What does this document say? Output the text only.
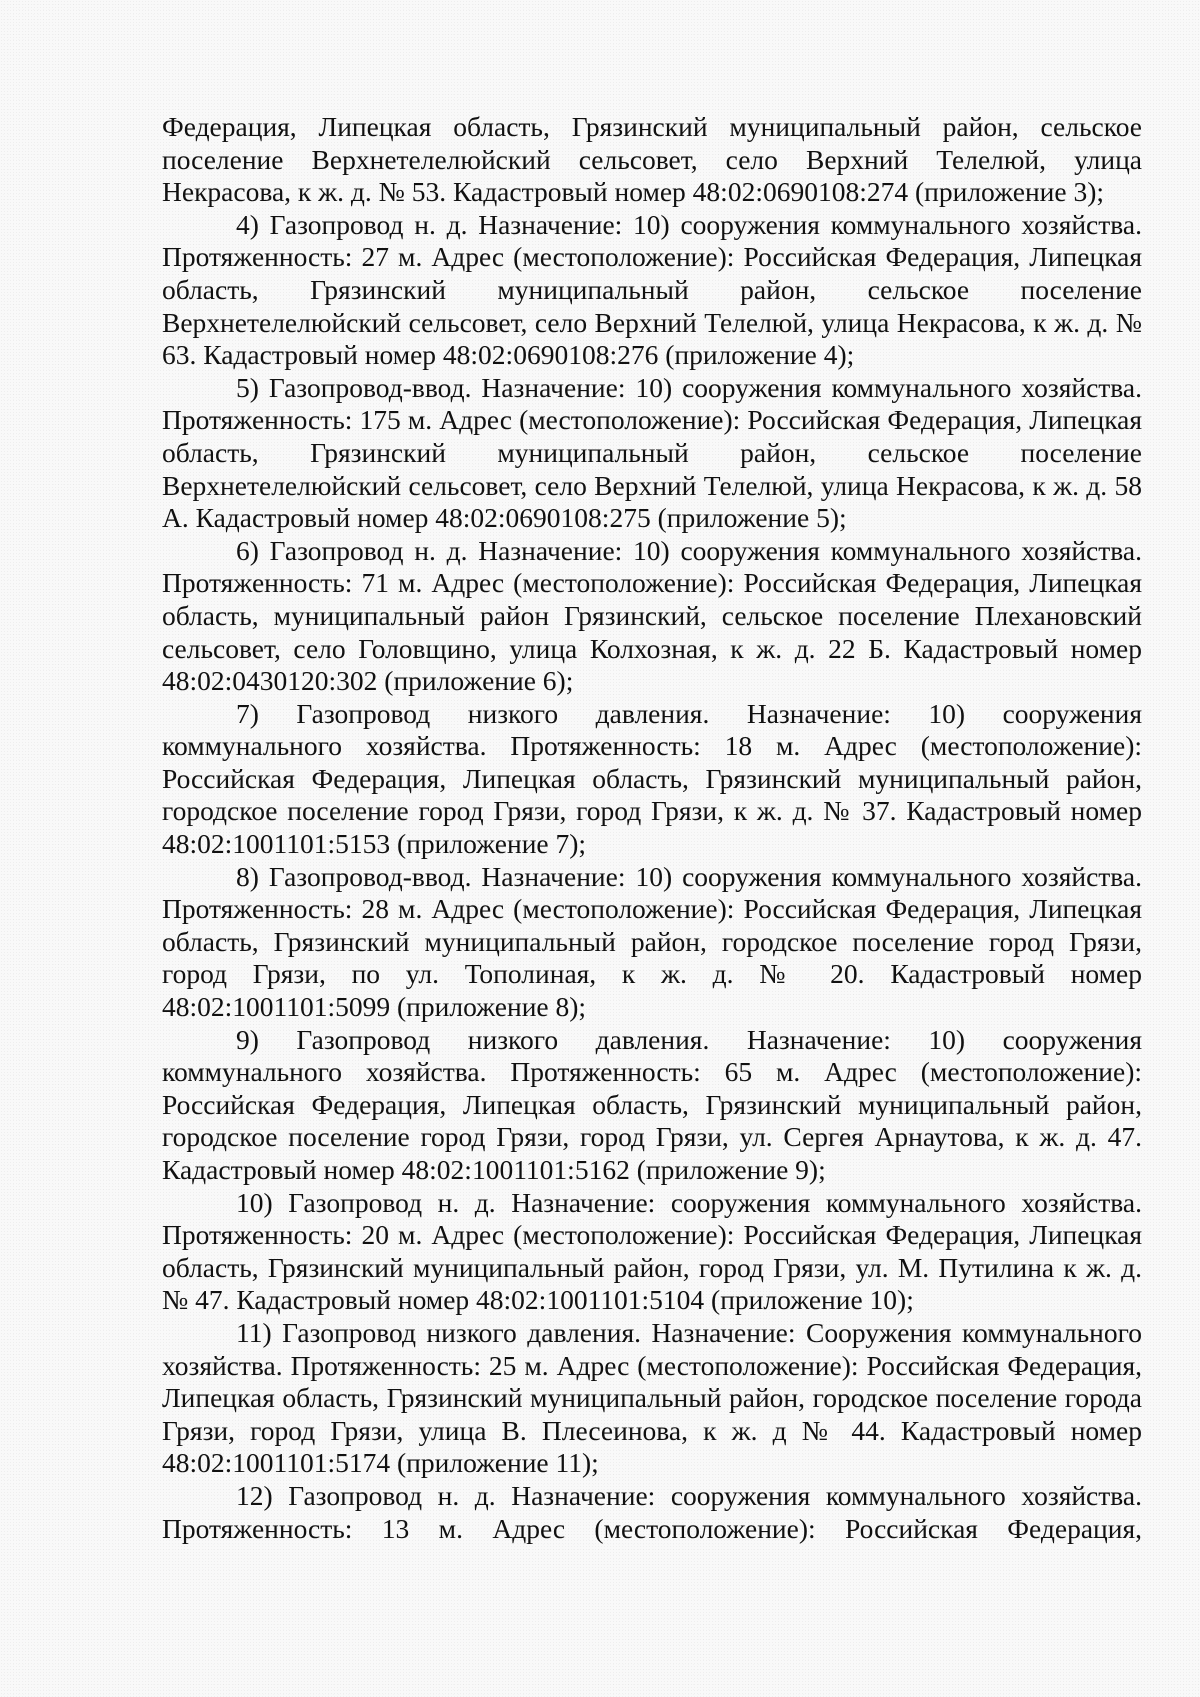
Федерация, Липецкая область, Грязинский муниципальный район, сельское поселение Верхнетелелюйский сельсовет, село Верхний Телелюй, улица Некрасова, к ж. д. № 53. Кадастровый номер 48:02:0690108:274 (приложение 3);

4) Газопровод н. д. Назначение: 10) сооружения коммунального хозяйства. Протяженность: 27 м. Адрес (местоположение): Российская Федерация, Липецкая область, Грязинский муниципальный район, сельское поселение Верхнетелелюйский сельсовет, село Верхний Телелюй, улица Некрасова, к ж. д. № 63. Кадастровый номер 48:02:0690108:276 (приложение 4);

5) Газопровод-ввод. Назначение: 10) сооружения коммунального хозяйства. Протяженность: 175 м. Адрес (местоположение): Российская Федерация, Липецкая область, Грязинский муниципальный район, сельское поселение Верхнетелелюйский сельсовет, село Верхний Телелюй, улица Некрасова, к ж. д. 58 А. Кадастровый номер 48:02:0690108:275 (приложение 5);

6) Газопровод н. д. Назначение: 10) сооружения коммунального хозяйства. Протяженность: 71 м. Адрес (местоположение): Российская Федерация, Липецкая область, муниципальный район Грязинский, сельское поселение Плехановский сельсовет, село Головщино, улица Колхозная, к ж. д. 22 Б. Кадастровый номер 48:02:0430120:302 (приложение 6);

7) Газопровод низкого давления. Назначение: 10) сооружения коммунального хозяйства. Протяженность: 18 м. Адрес (местоположение): Российская Федерация, Липецкая область, Грязинский муниципальный район, городское поселение город Грязи, город Грязи, к ж. д. № 37. Кадастровый номер 48:02:1001101:5153 (приложение 7);

8) Газопровод-ввод. Назначение: 10) сооружения коммунального хозяйства. Протяженность: 28 м. Адрес (местоположение): Российская Федерация, Липецкая область, Грязинский муниципальный район, городское поселение город Грязи, город Грязи, по ул. Тополиная, к ж. д. № 20. Кадастровый номер 48:02:1001101:5099 (приложение 8);

9) Газопровод низкого давления. Назначение: 10) сооружения коммунального хозяйства. Протяженность: 65 м. Адрес (местоположение): Российская Федерация, Липецкая область, Грязинский муниципальный район, городское поселение город Грязи, город Грязи, ул. Сергея Арнаутова, к ж. д. 47. Кадастровый номер 48:02:1001101:5162 (приложение 9);

10) Газопровод н. д. Назначение: сооружения коммунального хозяйства. Протяженность: 20 м. Адрес (местоположение): Российская Федерация, Липецкая область, Грязинский муниципальный район, город Грязи, ул. М. Путилина к ж. д. № 47. Кадастровый номер 48:02:1001101:5104 (приложение 10);

11) Газопровод низкого давления. Назначение: Сооружения коммунального хозяйства. Протяженность: 25 м. Адрес (местоположение): Российская Федерация, Липецкая область, Грязинский муниципальный район, городское поселение города Грязи, город Грязи, улица В. Плесеинова, к ж. д № 44. Кадастровый номер 48:02:1001101:5174 (приложение 11);

12) Газопровод н. д. Назначение: сооружения коммунального хозяйства. Протяженность: 13 м. Адрес (местоположение): Российская Федерация,
